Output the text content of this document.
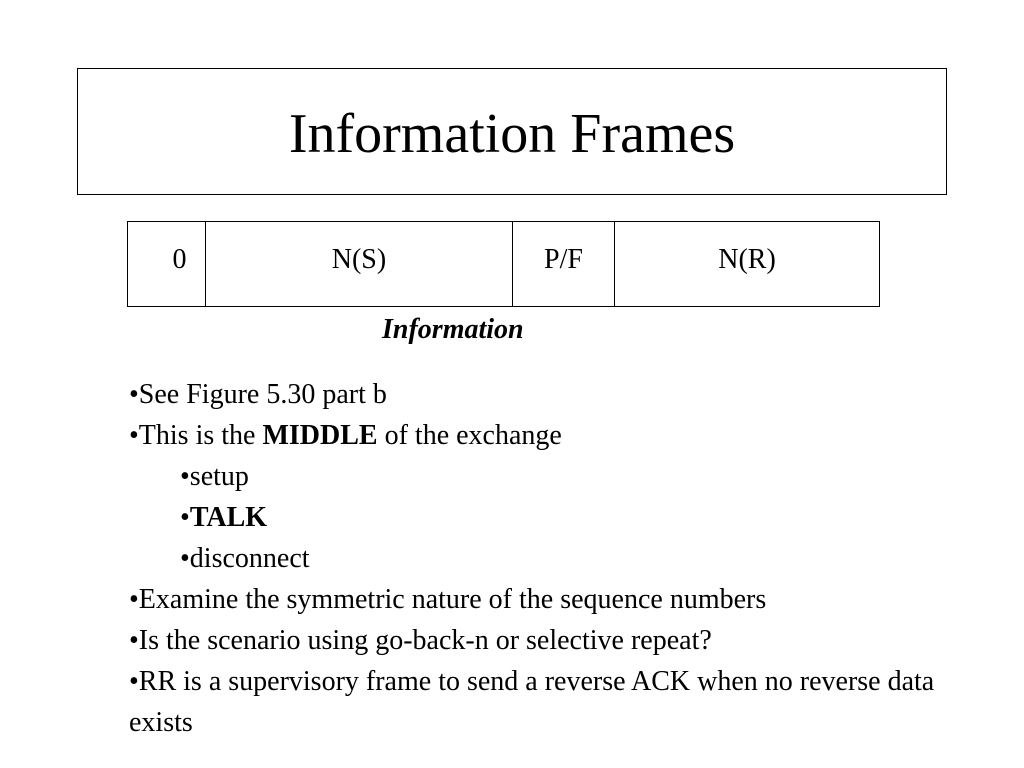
Information Frames
0	N(S)	P/F	N(R)
Information
•See Figure 5.30 part b
•This is the MIDDLE of the exchange
•setup
•TALK
•disconnect
•Examine the symmetric nature of the sequence numbers
•Is the scenario using go-back-n or selective repeat?
•RR is a supervisory frame to send a reverse ACK when no reverse data exists
